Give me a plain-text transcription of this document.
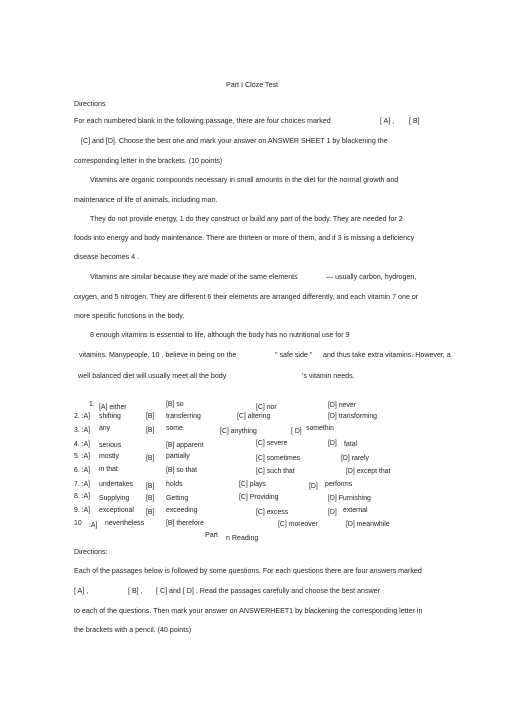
Part Ⅰ Cloze Test
Directions
For each numbered blank in the following passage, there are four choices marked	[ A] , [ B]
[C] and [D]. Choose the best one and mark your answer on ANSWER SHEET 1 by blackening the
corresponding letter in the brackets. (10 points)
Vitamins are organic compounds necessary in small amounts in the diet for the normal growth and
maintenance of life of animals, including man.
They do not provide energy, 1 do they construct or build any part of the body. They are needed for 2
foods into energy and body maintenance. There are thirteen or more of them, and if 3 is missing a deficiency
disease becomes 4 .
Vitamins are similar because they are made of the same elements	— usually carbon, hydrogen,
oxygen, and 5 nitrogen. They are different 6 their elements are arranged differently, and each vitamin 7 one or
more specific functions in the body.
8 enough vitamins is essential to life, although the body has no nutritional use for 9
vitamins. Manypeople, 10 , believe in being on the	" safe side " and thus take extra vitamins. However, a
well balanced diet will usually meet all the body	's vitamin needs.
1. [A] either	[B] so	[C] nor	[D] never
2. :A] shifting	[B] transferring	[C] altering	[D] transforming
3. :A] any	[B] some	[C] anything	[ D] somethin
4. :A] serious	[B] apparent	[C] severe	[D] fatal
5. :A] mostly	[B] partially	[C] sometimes	[D] rarely
6. :A] in that	[B] so that	[C] such that	[D] except that
7. :A] undertakes [B] holds	[C] plays	[D] performs
8. :A] Supplying [B] Getting	[C] Providing	[D] Furnishing
9. :A] exceptional [B] exceeding	[C] excess	[D] external
10 :A] nevertheless	[B] therefore	[C] moreover	[D] meanwhile
Part n Reading
Directions:
Each of the passages below is followed by some questions. For each questions there are four answers marked
[ A] ,	[ B] , [ C] and [ D] . Read the passages carefully and choose the best answer
to each of the questions. Then mark your answer on ANSWERHEET1 by blackening the corresponding letter in
the brackets with a pencil. (40 points)
